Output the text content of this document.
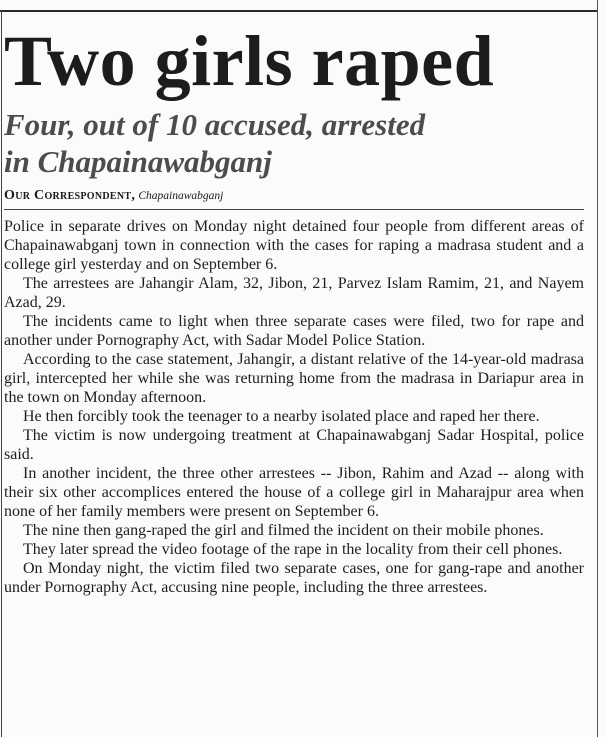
Two girls raped
Four, out of 10 accused, arrested
in Chapainawabganj
Our Correspondent, Chapainawabganj

Police in separate drives on Monday night detained four people from different areas of Chapainawabganj town in connection with the cases for raping a madrasa student and a college girl yesterday and on September 6.

The arrestees are Jahangir Alam, 32, Jibon, 21, Parvez Islam Ramim, 21, and Nayem Azad, 29.

The incidents came to light when three separate cases were filed, two for rape and another under Pornography Act, with Sadar Model Police Station.

According to the case statement, Jahangir, a distant relative of the 14-year-old madrasa girl, intercepted her while she was returning home from the madrasa in Dariapur area in the town on Monday afternoon.

He then forcibly took the teenager to a nearby isolated place and raped her there.

The victim is now undergoing treatment at Chapainawabganj Sadar Hospital, police said.

In another incident, the three other arrestees -- Jibon, Rahim and Azad -- along with their six other accomplices entered the house of a college girl in Maharajpur area when none of her family members were present on September 6.

The nine then gang-raped the girl and filmed the incident on their mobile phones.

They later spread the video footage of the rape in the locality from their cell phones.

On Monday night, the victim filed two separate cases, one for gang-rape and another under Pornography Act, accusing nine people, including the three arrestees.
